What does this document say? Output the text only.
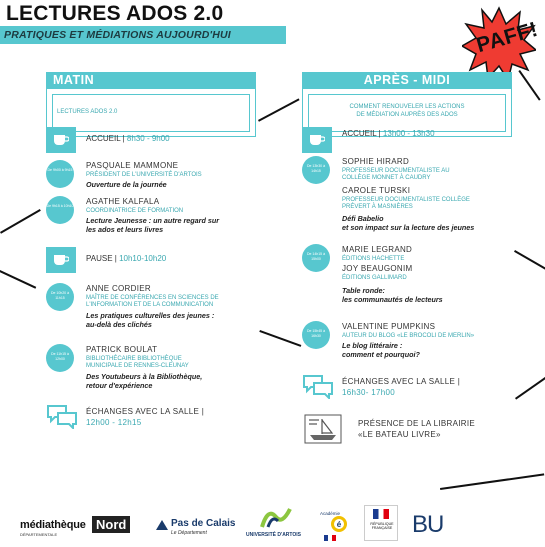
LECTURES ADOS 2.0
PRATIQUES ET MÉDIATIONS AUJOURD'HUI	PAFF!
MATIN
LECTURES ADOS 2.0
ACCUEIL | 8h30 - 9h00
De 9h00 à 9h15 PASQUALE MAMMONE
PRÉSIDENT DE L'UNIVERSITÉ D'ARTOIS
Ouverture de la journée
De 9h15 à 10h10 AGATHE KALFALA
COORDINATRICE DE FORMATION
Lecture Jeunesse : un autre regard sur
les ados et leurs livres
PAUSE | 10h10-10h20
De 10h20 à 11h15
ANNE CORDIER
MAÎTRE DE CONFÉRENCES EN SCIENCES DE
L'INFORMATION ET DE LA COMMUNICATION
Les pratiques culturelles des jeunes :
au-delà des clichés
De 11h15 à 12h00
PATRICK BOULAT
BIBLIOTHÉCAIRE BIBLIOTHÈQUE
MUNICIPALE DE RENNES-CLEUNAY
Des Youtubeurs à la Bibliothèque,
retour d'expérience
ÉCHANGES AVEC LA SALLE |
12h00 - 12h15
APRÈS - MIDI
COMMENT RENOUVELER LES ACTIONS
DE MÉDIATION AUPRÈS DES ADOS
ACCUEIL | 13h00 - 13h30
De 13h30 à 14h15
SOPHIE HIRARD
PROFESSEUR DOCUMENTALISTE AU
COLLÈGE MONNET À CAUDRY
CAROLE TURSKI
PROFESSEUR DOCUMENTALISTE COLLÈGE
PRÉVERT À MASNIÈRES
Défi Babelio
et son impact sur la lecture des jeunes
De 14h15 à 15h00
MARIE LEGRAND
ÉDITIONS HACHETTE
JOY BEAUGONIM
ÉDITIONS GALLIMARD
Table ronde:
les communautés de lecteurs
De 15h45 à 16h30
VALENTINE PUMPKINS
AUTEUR DU BLOG «LE BROCOLI DE MERLIN»
Le blog littéraire :
comment et pourquoi?
ÉCHANGES AVEC LA SALLE |
16h30- 17h00
PRÉSENCE DE LA LIBRAIRIE
«LE BATEAU LIVRE»
médiathèque Nord
DÉPARTEMENTALE
Pas de Calais
Le Département	UNIVERSITÉ D'ARTOIS
Académie
é	RÉPUBLIQUE FRANÇAISE BU
